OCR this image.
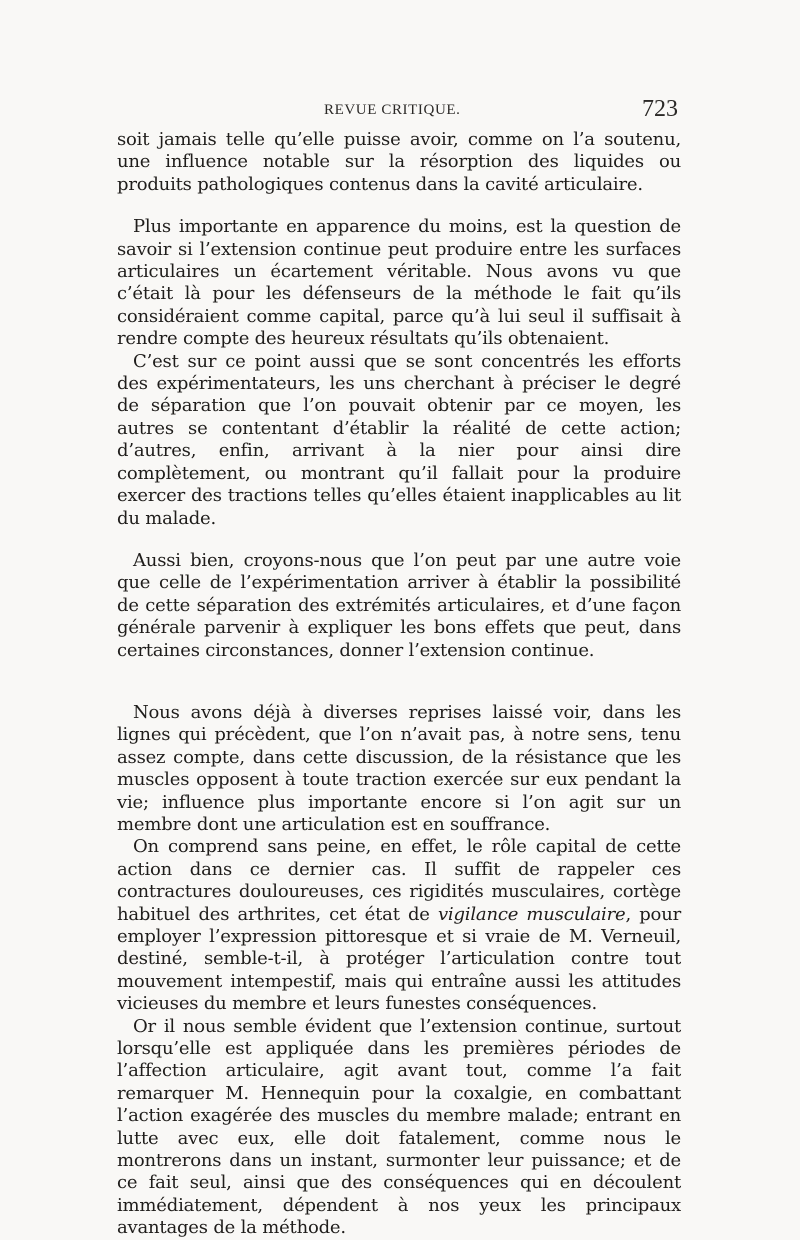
REVUE CRITIQUE.	723

soit jamais telle qu’elle puisse avoir, comme on l’a soutenu, une influence notable sur la résorption des liquides ou produits pathologiques contenus dans la cavité articulaire.

Plus importante en apparence du moins, est la question de savoir si l’extension continue peut produire entre les surfaces articulaires un écartement véritable. Nous avons vu que c’était là pour les défenseurs de la méthode le fait qu’ils considéraient comme capital, parce qu’à lui seul il suffisait à rendre compte des heureux résultats qu’ils obtenaient.

C’est sur ce point aussi que se sont concentrés les efforts des expérimentateurs, les uns cherchant à préciser le degré de séparation que l’on pouvait obtenir par ce moyen, les autres se contentant d’établir la réalité de cette action; d’autres, enfin, arrivant à la nier pour ainsi dire complètement, ou montrant qu’il fallait pour la produire exercer des tractions telles qu’elles étaient inapplicables au lit du malade.

Aussi bien, croyons-nous que l’on peut par une autre voie que celle de l’expérimentation arriver à établir la possibilité de cette séparation des extrémités articulaires, et d’une façon générale parvenir à expliquer les bons effets que peut, dans certaines circonstances, donner l’extension continue.

Nous avons déjà à diverses reprises laissé voir, dans les lignes qui précèdent, que l’on n’avait pas, à notre sens, tenu assez compte, dans cette discussion, de la résistance que les muscles opposent à toute traction exercée sur eux pendant la vie; influence plus importante encore si l’on agit sur un membre dont une articulation est en souffrance.

On comprend sans peine, en effet, le rôle capital de cette action dans ce dernier cas. Il suffit de rappeler ces contractures douloureuses, ces rigidités musculaires, cortège habituel des arthrites, cet état de vigilance musculaire, pour employer l’expression pittoresque et si vraie de M. Verneuil, destiné, semble-t-il, à protéger l’articulation contre tout mouvement intempestif, mais qui entraîne aussi les attitudes vicieuses du membre et leurs funestes conséquences.

Or il nous semble évident que l’extension continue, surtout lorsqu’elle est appliquée dans les premières périodes de l’affection articulaire, agit avant tout, comme l’a fait remarquer M. Hennequin pour la coxalgie, en combattant l’action exagérée des muscles du membre malade; entrant en lutte avec eux, elle doit fatalement, comme nous le montrerons dans un instant, surmonter leur puissance; et de ce fait seul, ainsi que des conséquences qui en découlent immédiatement, dépendent à nos yeux les principaux avantages de la méthode.
